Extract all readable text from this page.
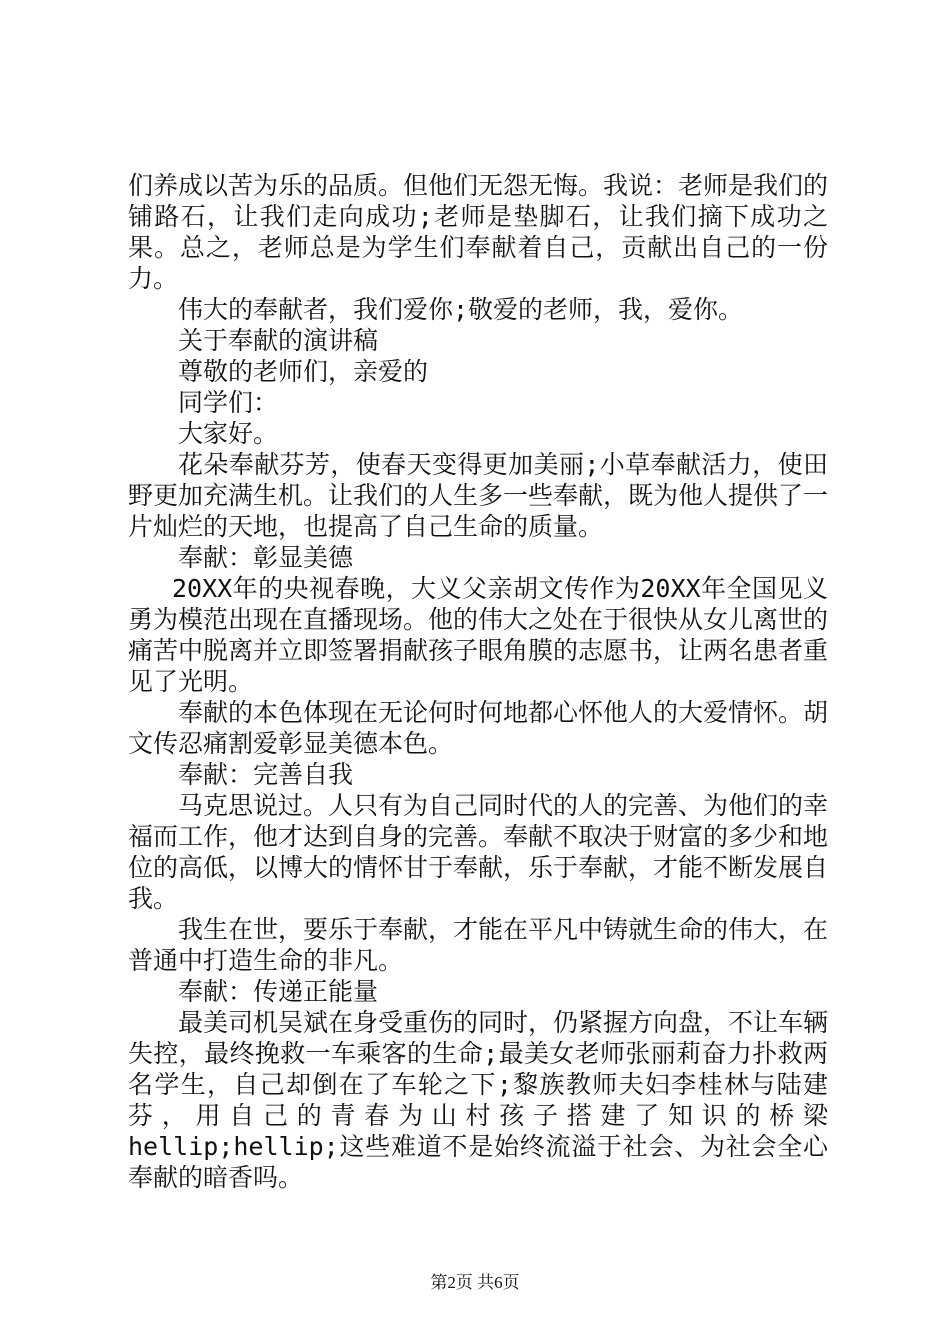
们养成以苦为乐的品质。但他们无怨无悔。我说：老师是我们的铺路石，让我们走向成功;老师是垫脚石，让我们摘下成功之果。总之，老师总是为学生们奉献着自己，贡献出自己的一份力。

伟大的奉献者，我们爱你;敬爱的老师，我，爱你。

关于奉献的演讲稿

尊敬的老师们，亲爱的

同学们：

大家好。

花朵奉献芬芳，使春天变得更加美丽;小草奉献活力，使田野更加充满生机。让我们的人生多一些奉献，既为他人提供了一片灿烂的天地，也提高了自己生命的质量。

奉献：彰显美德

20XX年的央视春晚，大义父亲胡文传作为20XX年全国见义勇为模范出现在直播现场。他的伟大之处在于很快从女儿离世的痛苦中脱离并立即签署捐献孩子眼角膜的志愿书，让两名患者重见了光明。

奉献的本色体现在无论何时何地都心怀他人的大爱情怀。胡文传忍痛割爱彰显美德本色。

奉献：完善自我

马克思说过。人只有为自己同时代的人的完善、为他们的幸福而工作，他才达到自身的完善。奉献不取决于财富的多少和地位的高低，以博大的情怀甘于奉献，乐于奉献，才能不断发展自我。

我生在世，要乐于奉献，才能在平凡中铸就生命的伟大，在普通中打造生命的非凡。

奉献：传递正能量

最美司机吴斌在身受重伤的同时，仍紧握方向盘，不让车辆失控，最终挽救一车乘客的生命;最美女老师张丽莉奋力扑救两名学生，自己却倒在了车轮之下;黎族教师夫妇李桂林与陆建芬，用自己的青春为山村孩子搭建了知识的桥梁hellip;hellip;这些难道不是始终流溢于社会、为社会全心奉献的暗香吗。

第2页 共6页
